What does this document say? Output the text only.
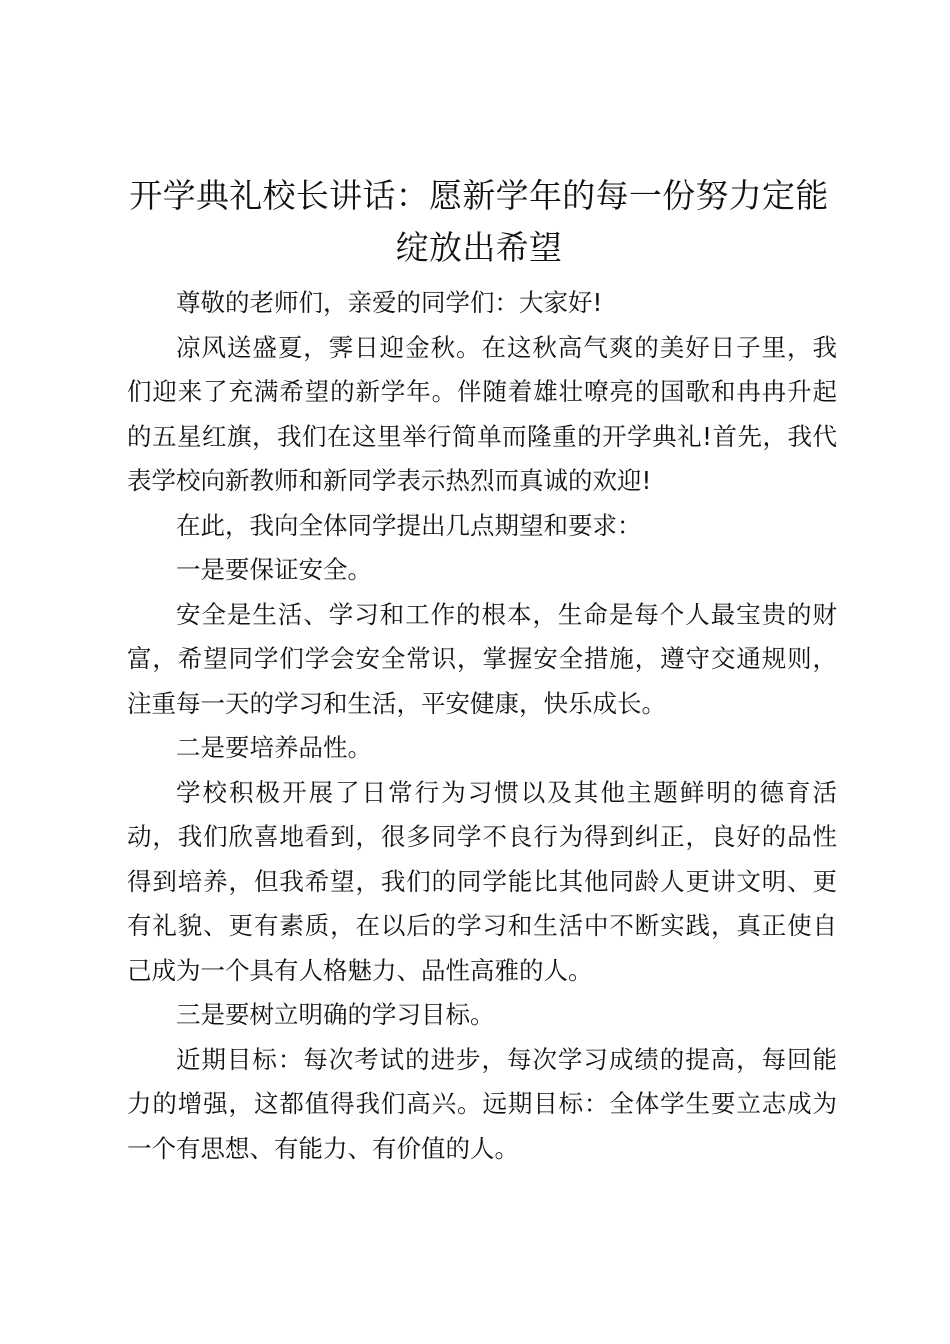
开学典礼校长讲话：愿新学年的每一份努力定能绽放出希望

尊敬的老师们，亲爱的同学们：大家好!

凉风送盛夏，霁日迎金秋。在这秋高气爽的美好日子里，我们迎来了充满希望的新学年。伴随着雄壮嘹亮的国歌和冉冉升起的五星红旗，我们在这里举行简单而隆重的开学典礼!首先，我代表学校向新教师和新同学表示热烈而真诚的欢迎!

在此，我向全体同学提出几点期望和要求：

一是要保证安全。

安全是生活、学习和工作的根本，生命是每个人最宝贵的财富，希望同学们学会安全常识，掌握安全措施，遵守交通规则，注重每一天的学习和生活，平安健康，快乐成长。

二是要培养品性。

学校积极开展了日常行为习惯以及其他主题鲜明的德育活动，我们欣喜地看到，很多同学不良行为得到纠正，良好的品性得到培养，但我希望，我们的同学能比其他同龄人更讲文明、更有礼貌、更有素质，在以后的学习和生活中不断实践，真正使自己成为一个具有人格魅力、品性高雅的人。

三是要树立明确的学习目标。

近期目标：每次考试的进步，每次学习成绩的提高，每回能力的增强，这都值得我们高兴。远期目标：全体学生要立志成为一个有思想、有能力、有价值的人。
